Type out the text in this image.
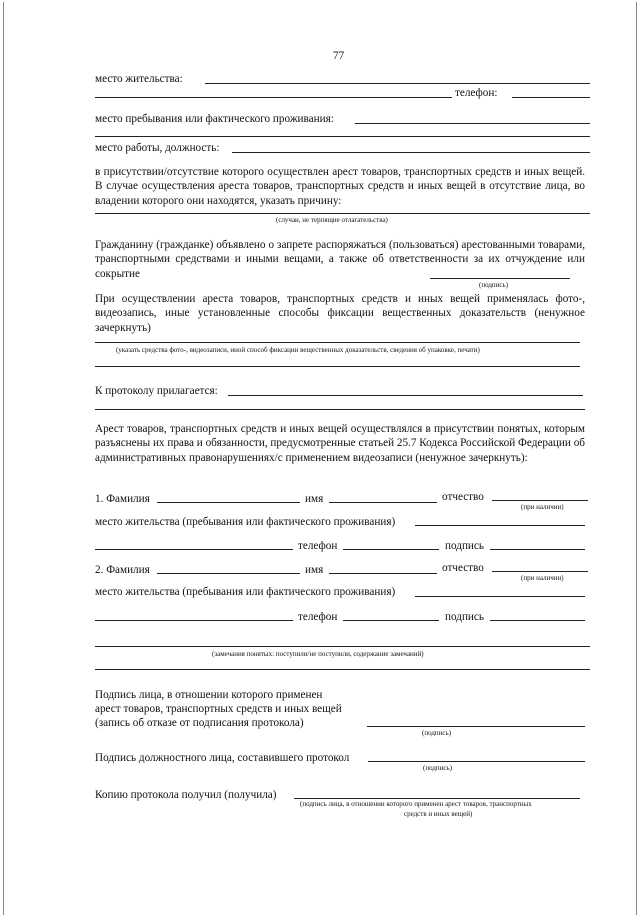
77
место жительства:
телефон:
место пребывания или фактического проживания:
место работы, должность:
в присутствии/отсутствие которого осуществлен арест товаров, транспортных средств и иных вещей. В случае осуществления ареста товаров, транспортных средств и иных вещей в отсутствие лица, во владении которого они находятся, указать причину:
(случаи, не терпящие отлагательства)
Гражданину (гражданке) объявлено о запрете распоряжаться (пользоваться) арестованными товарами, транспортными средствами и иными вещами, а также об ответственности за их отчуждение или сокрытие
(подпись)
При осуществлении ареста товаров, транспортных средств и иных вещей применялась фото-, видеозапись, иные установленные способы фиксации вещественных доказательств (ненужное зачеркнуть)
(указать средства фото-, видеозаписи, иной способ фиксации вещественных доказательств, сведения об упаковке, печати)
К протоколу прилагается:
Арест товаров, транспортных средств и иных вещей осуществлялся в присутствии понятых, которым разъяснены их права и обязанности, предусмотренные статьей 25.7 Кодекса Российской Федерации об административных правонарушениях/с применением видеозаписи (ненужное зачеркнуть):
1. Фамилия	имя	отчество
(при наличии)
место жительства (пребывания или фактического проживания)
телефон	подпись
2. Фамилия	имя	отчество
(при наличии)
место жительства (пребывания или фактического проживания)
телефон	подпись
(замечания понятых: поступили/не поступили, содержание замечаний)
Подпись лица, в отношении которого применен
арест товаров, транспортных средств и иных вещей
(запись об отказе от подписания протокола)
(подпись)
Подпись должностного лица, составившего протокол
(подпись)
Копию протокола получил (получила)
(подпись лица, в отношении которого применен арест товаров, транспортных
средств и иных вещей)
